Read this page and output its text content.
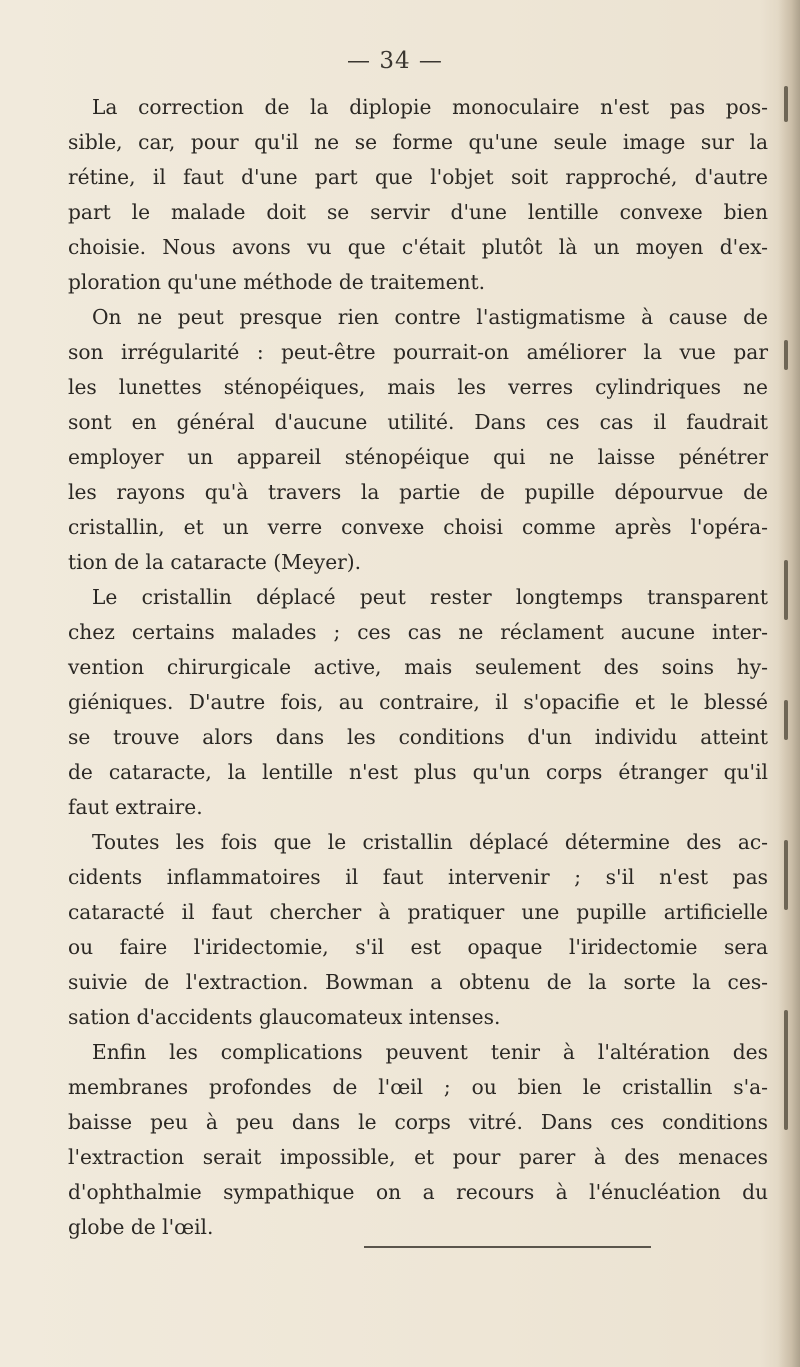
— 34 —
La correction de la diplopie monoculaire n'est pas pos-
sible, car, pour qu'il ne se forme qu'une seule image sur la
rétine, il faut d'une part que l'objet soit rapproché, d'autre
part le malade doit se servir d'une lentille convexe bien
choisie. Nous avons vu que c'était plutôt là un moyen d'ex-
ploration qu'une méthode de traitement.
On ne peut presque rien contre l'astigmatisme à cause de
son irrégularité : peut-être pourrait-on améliorer la vue par
les lunettes sténopéiques, mais les verres cylindriques ne
sont en général d'aucune utilité. Dans ces cas il faudrait
employer un appareil sténopéique qui ne laisse pénétrer
les rayons qu'à travers la partie de pupille dépourvue de
cristallin, et un verre convexe choisi comme après l'opéra-
tion de la cataracte (Meyer).
Le cristallin déplacé peut rester longtemps transparent
chez certains malades ; ces cas ne réclament aucune inter-
vention chirurgicale active, mais seulement des soins hy-
giéniques. D'autre fois, au contraire, il s'opacifie et le blessé
se trouve alors dans les conditions d'un individu atteint
de cataracte, la lentille n'est plus qu'un corps étranger qu'il
faut extraire.
Toutes les fois que le cristallin déplacé détermine des ac-
cidents inflammatoires il faut intervenir ; s'il n'est pas
cataracté il faut chercher à pratiquer une pupille artificielle
ou faire l'iridectomie, s'il est opaque l'iridectomie sera
suivie de l'extraction. Bowman a obtenu de la sorte la ces-
sation d'accidents glaucomateux intenses.
Enfin les complications peuvent tenir à l'altération des
membranes profondes de l'œil ; ou bien le cristallin s'a-
baisse peu à peu dans le corps vitré. Dans ces conditions
l'extraction serait impossible, et pour parer à des menaces
d'ophthalmie sympathique on a recours à l'énucléation du
globe de l'œil.
